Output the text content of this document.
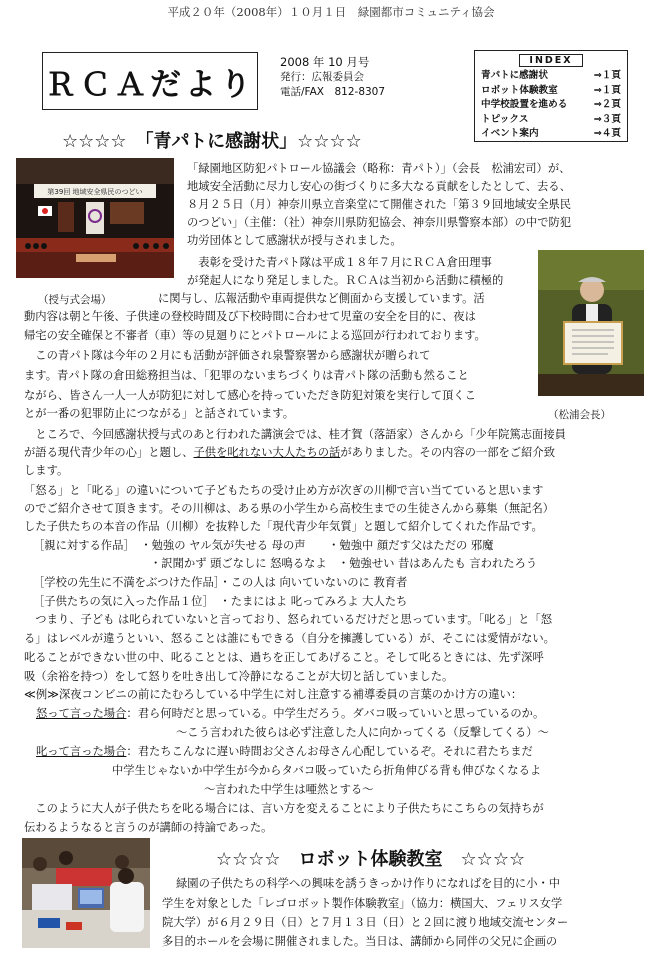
平成２０年（2008年）１０月１日　緑園都市コミュニティ協会
ＲＣＡだより
2008 年 10 月号
発行：広報委員会
電話/FAX　812-8307
INDEX
青パトに感謝状	⇒１頁
ロボット体験教室	⇒１頁
中学校設置を進める	⇒２頁
トピックス	⇒３頁
イベント案内	⇒４頁
☆☆☆☆　「青パトに感謝状」☆☆☆☆
第39回 地域安全県民のつどい
（授与式会場）
（松浦会長）
「緑園地区防犯パトロール協議会（略称：青パト）」（会長　松浦宏司）が、
地域安全活動に尽力し安心の街づくりに多大なる貢献をしたとして、去る、
８月２５日（月）神奈川県立音楽堂にて開催された「第３９回地域安全県民
のつどい」（主催：（社）神奈川県防犯協会、神奈川県警察本部）の中で防犯
功労団体として感謝状が授与されました。
　表彰を受けた青パト隊は平成１８年７月にＲＣＡ倉田理事
が発起人になり発足しました。ＲＣＡは当初から活動に積極的
に関与し、広報活動や車両提供など側面から支援しています。活
動内容は朝と午後、子供達の登校時間及び下校時間に合わせて児童の安全を目的に、夜は
帰宅の安全確保と不審者（車）等の見廻りにとパトロールによる巡回が行われております。
　この青パト隊は今年の２月にも活動が評価され泉警察署から感謝状が贈られて
ます。青パト隊の倉田総務担当は、「犯罪のないまちづくりは青パト隊の活動も然ること
ながら、皆さん一人一人が防犯に対して感心を持っていただき防犯対策を実行して頂くこ
とが一番の犯罪防止につながる」と話されています。
　ところで、今回感謝状授与式のあと行われた講演会では、桂才賀（落語家）さんから「少年院篤志面接員
が語る現代青少年の心」と題し、子供を叱れない大人たちの話がありました。その内容の一部をご紹介致
します。
「怒る」と「叱る」の違いについて子どもたちの受け止め方が次ぎの川柳で言い当てていると思います
のでご紹介させて頂きます。その川柳は、ある県の小学生から高校生までの生徒さんから募集（無記名）
した子供たちの本音の作品（川柳）を抜粋した「現代青少年気質」と題して紹介してくれた作品です。
［親に対する作品］　・勉強の ヤル気が失せる 母の声　　・勉強中 顔だす父はただの 邪魔
・訳聞かず 頭ごなしに 怒鳴るなよ　・勉強せい 昔はあんたも 言われたろう
［学校の先生に不満をぶつけた作品］・この人は 向いていないのに 教育者
［子供たちの気に入った作品１位］　・たまにはよ 叱ってみろよ 大人たち
　つまり、子ども は叱られていないと言っており、怒られているだけだと思っています。「叱る」と「怒
る」はレベルが違うといい、怒ることは誰にもできる（自分を擁護している）が、そこには愛情がない。
叱ることができない世の中、叱ることとは、過ちを正してあげること。そして叱るときには、先ず深呼
吸（余裕を持つ）をして怒りを吐き出して冷静になることが大切と話していました。
≪例≫深夜コンビニの前にたむろしている中学生に対し注意する補導委員の言葉のかけ方の違い：
怒って言った場合：君ら何時だと思っている。中学生だろう。ダバコ吸っていいと思っているのか。
〜こう言われた彼らは必ず注意した人に向かってくる（反撃してくる）〜
叱って言った場合：君たちこんなに遅い時間お父さんお母さん心配しているぞ。それに君たちまだ
中学生じゃないか中学生が今からタバコ吸っていたら折角伸びる背も伸びなくなるよ
〜言われた中学生は唖然とする〜
　このように大人が子供たちを叱る場合には、言い方を変えることにより子供たちにこちらの気持ちが
伝わるようなると言うのが講師の持論であった。
☆☆☆☆　ロボット体験教室　☆☆☆☆
緑園の子供たちの科学への興味を誘うきっかけ作りになればを目的に小・中
学生を対象とした「レゴロボット製作体験教室」（協力：横国大、フェリス女学
院大学）が６月２９日（日）と７月１３日（日）と２回に渡り地域交流センター
多目的ホールを会場に開催されました。当日は、講師から同伴の父兄に企画の
